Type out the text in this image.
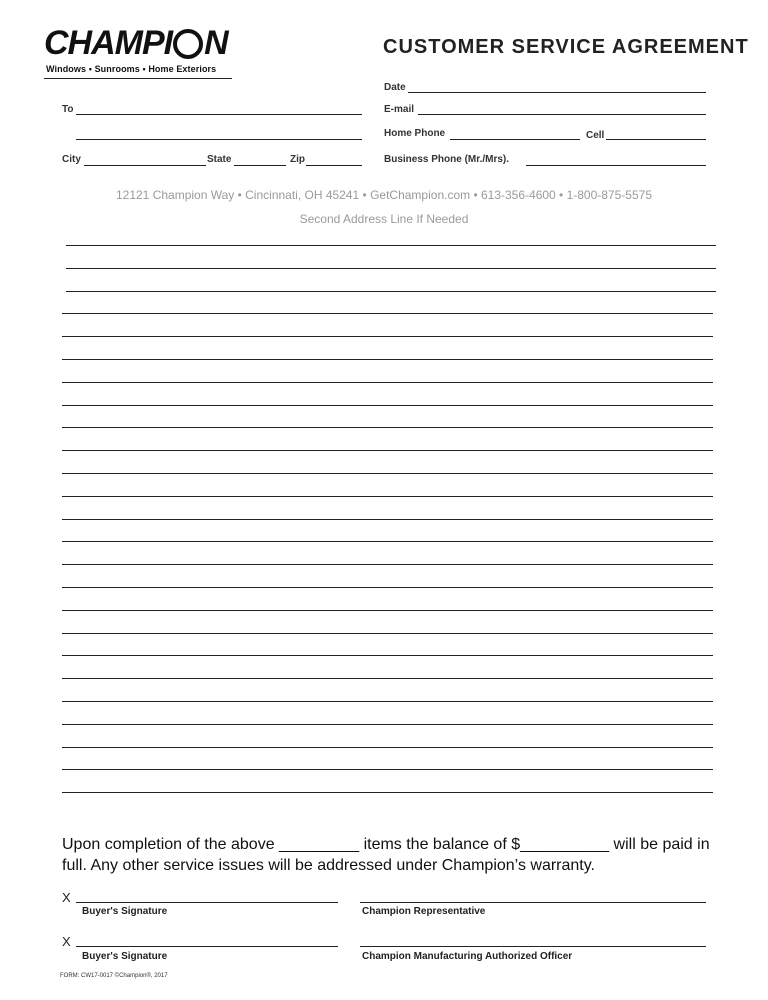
CHAMPI N
Windows • Sunrooms • Home Exteriors
CUSTOMER SERVICE AGREEMENT
To
City	State	Zip
Date
E-mail
Home Phone	Cell
Business Phone (Mr./Mrs).
12121 Champion Way • Cincinnati, OH 45241 • GetChampion.com • 613-356-4600 • 1-800-875-5575
Second Address Line If Needed
Upon completion of the above _________ items the balance of $__________ will be paid in full. Any other service issues will be addressed under Champion’s warranty.
X
Buyer's Signature	Champion Representative
X
Buyer's Signature	Champion Manufacturing Authorized Officer
FORM: CW17-0017 ©Champion®, 2017
